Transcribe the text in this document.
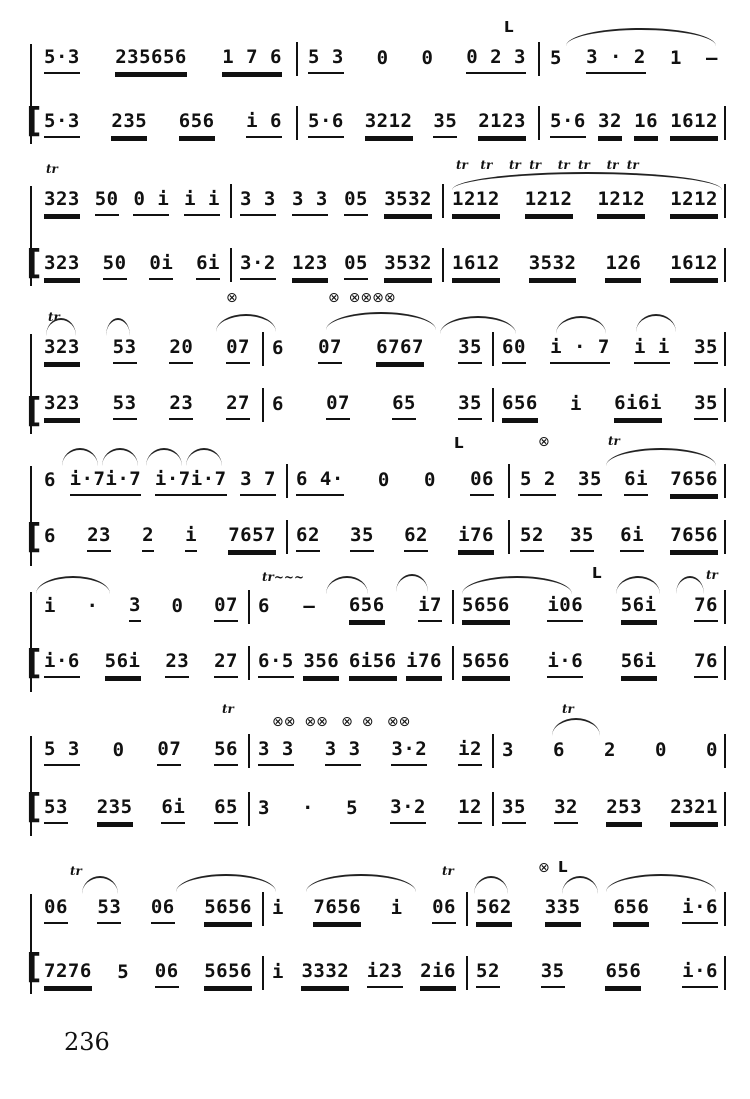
[
5·3 235656 1 7 6 5 3 0 0 0 2 3 5 3 · 2 1 –
5·3 235 656 i 6 5·6 3212 35 2123 5·6 32 16 1612
L
[
tr	tr   tr    tr  tr    tr  tr    tr  tr
323 50 0 i i i 3 3 3 3 05 3532 1212 1212 1212 1212
323 50 0i 6i 3·2 123 05 3532 1612 3532 126 1612
[
tr
⊗	⊗  ⊗⊗⊗⊗
323 53 20 07 6 07 6767 35 60 i · 7 i i 35
323 53 23 27 6 07 65 35 656 i 6i6i 35
[
L	⊗	tr
6 i·7i·7 i·7i·7 3 7 6 4· 0 0 06 5 2 35 6i 7656
6 23 2 i 7657 62 35 62 i76 52 35 6i 7656
[
tr~~~	L	tr
i · 3 0 07 6 – 656 i7 5656 i06 56i 76
i·6 56i 23 27 6·5 356 6i56 i76 5656 i·6 56i 76
[
tr
⊗⊗  ⊗⊗   ⊗  ⊗   ⊗⊗
tr
5 3 0 07 56 3 3 3 3 3·2 i2 3 6 2 0 0
53 235 6i 65 3 · 5 3·2 12 35 32 253 2321
[
tr	tr	⊗ L
06 53 06 5656 i 7656 i 06 562 335 656 i·6
7276 5 06 5656 i 3332 i23 2i6 52 35 656 i·6
236
